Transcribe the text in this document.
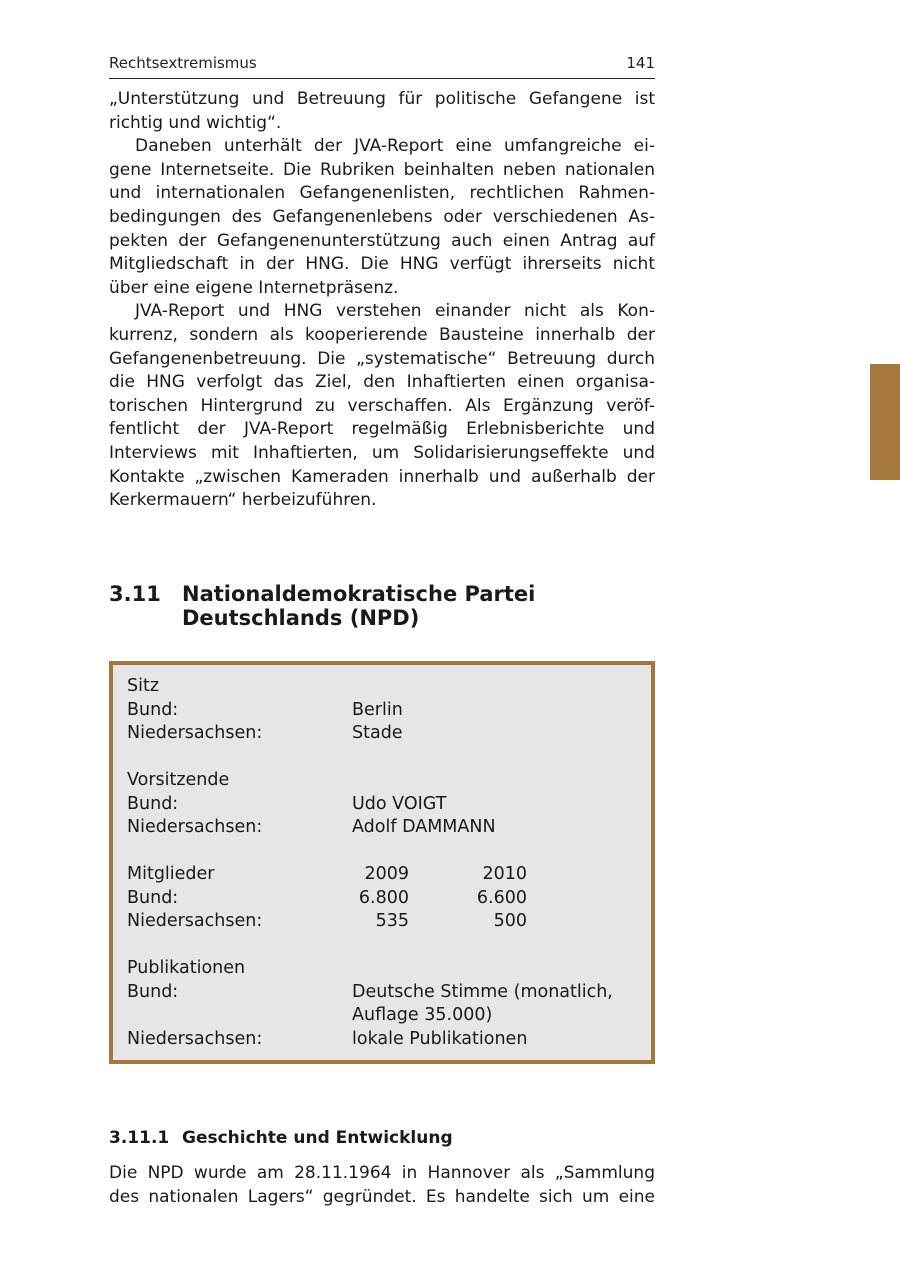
Rechtsextremismus	141

„Unterstützung und Betreuung für politische Gefangene ist
richtig und wichtig“.

Daneben unterhält der JVA-Report eine umfangreiche ei-
gene Internetseite. Die Rubriken beinhalten neben nationalen
und internationalen Gefangenenlisten, rechtlichen Rahmen-
bedingungen des Gefangenenlebens oder verschiedenen As-
pekten der Gefangenenunterstützung auch einen Antrag auf
Mitgliedschaft in der HNG. Die HNG verfügt ihrerseits nicht
über eine eigene Internetpräsenz.

JVA-Report und HNG verstehen einander nicht als Kon-
kurrenz, sondern als kooperierende Bausteine innerhalb der
Gefangenenbetreuung. Die „systematische“ Betreuung durch
die HNG verfolgt das Ziel, den Inhaftierten einen organisa-
torischen Hintergrund zu verschaffen. Als Ergänzung veröf-
fentlicht der JVA-Report regelmäßig Erlebnisberichte und
Interviews mit Inhaftierten, um Solidarisierungseffekte und
Kontakte „zwischen Kameraden innerhalb und außerhalb der
Kerkermauern“ herbeizuführen.

3.11 Nationaldemokratische Partei
Deutschlands (NPD)
Sitz
Bund:	Berlin
Niedersachsen:	Stade
Vorsitzende
Bund:	Udo VOIGT
Niedersachsen:	Adolf DAMMANN
Mitglieder	2009	2010
Bund:	6.800	6.600
Niedersachsen:	535	500
Publikationen
Bund:	Deutsche Stimme (monatlich,
Auflage 35.000)
Niedersachsen:	lokale Publikationen
3.11.1 Geschichte und Entwicklung

Die NPD wurde am 28.11.1964 in Hannover als „Sammlung
des nationalen Lagers“ gegründet. Es handelte sich um eine
